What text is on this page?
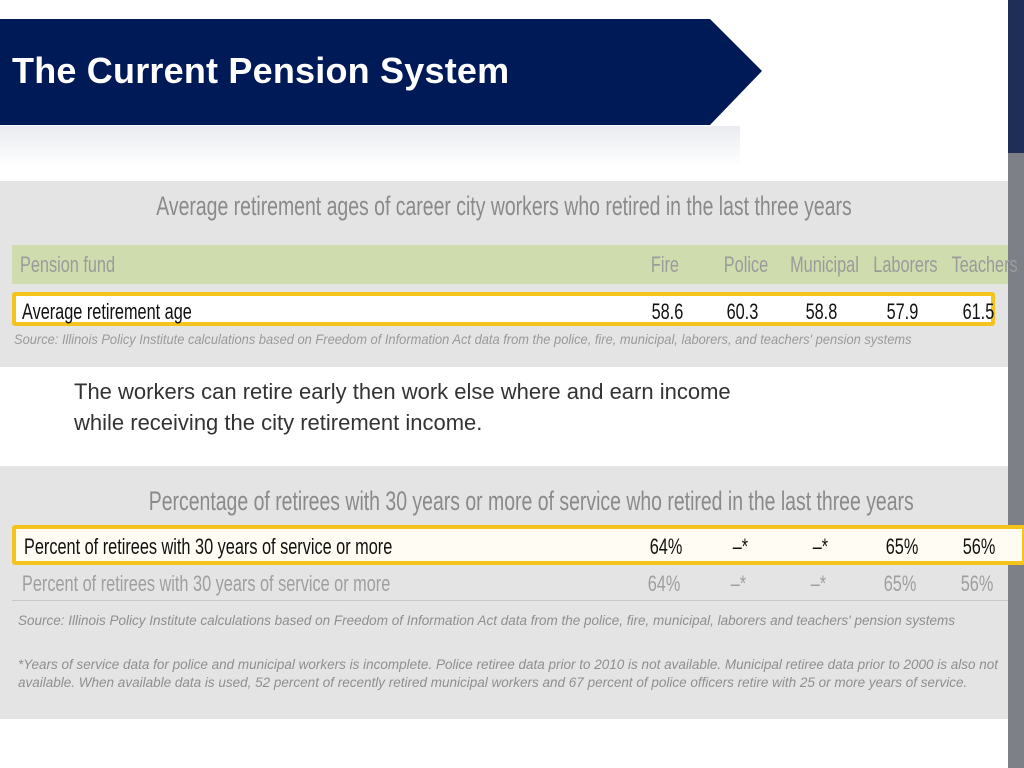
The Current Pension System
Average retirement ages of career city workers who retired in the last three years
Pension fund	Fire	Police Municipal Laborers Teachers
Average retirement age	58.6 60.3 58.8 57.9 61.5
Source: Illinois Policy Institute calculations based on Freedom of Information Act data from the police, fire, municipal, laborers, and teachers' pension systems
The workers can retire early then work else where and earn income while receiving the city retirement income.
Percentage of retirees with 30 years or more of service who retired in the last three years
Percent of retirees with 30 years of service or more	64% –*	–*	65% 56%
Percent of retirees with 30 years of service or more	64% –*	–*	65% 56%
Source: Illinois Policy Institute calculations based on Freedom of Information Act data from the police, fire, municipal, laborers and teachers' pension systems
*Years of service data for police and municipal workers is incomplete. Police retiree data prior to 2010 is not available. Municipal retiree data prior to 2000 is also not available. When available data is used, 52 percent of recently retired municipal workers and 67 percent of police officers retire with 25 or more years of service.
